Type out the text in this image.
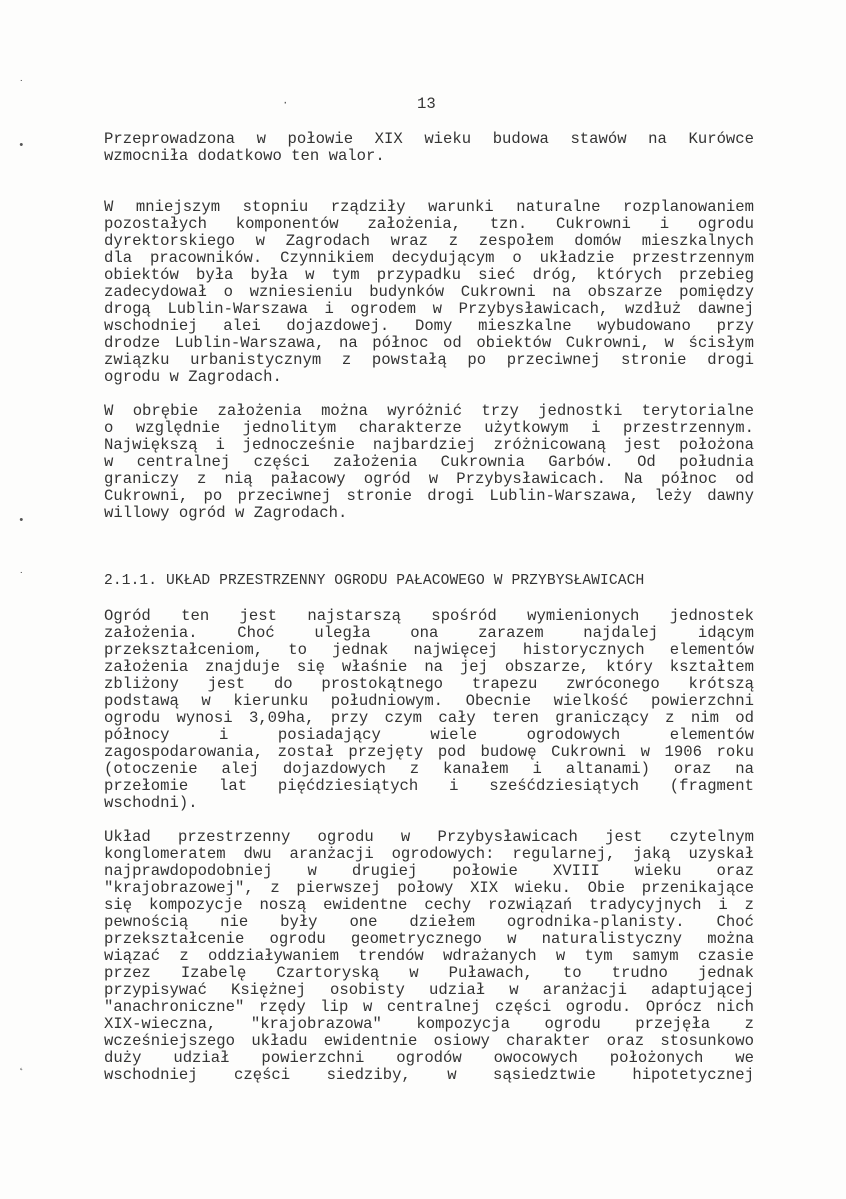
˙
•
•
˙
˛
·	13
Przeprowadzona w połowie XIX wieku budowa stawów na Kurówce
wzmocniła dodatkowo ten walor.
W mniejszym stopniu rządziły warunki naturalne rozplanowaniem
pozostałych komponentów założenia, tzn. Cukrowni i ogrodu
dyrektorskiego w Zagrodach wraz z zespołem domów mieszkalnych
dla pracowników. Czynnikiem decydującym o układzie przestrzennym
obiektów była była w tym przypadku sieć dróg, których przebieg
zadecydował o wzniesieniu budynków Cukrowni na obszarze pomiędzy
drogą Lublin-Warszawa i ogrodem w Przybysławicach, wzdłuż dawnej
wschodniej alei dojazdowej. Domy mieszkalne wybudowano przy
drodze Lublin-Warszawa, na północ od obiektów Cukrowni, w ścisłym
związku urbanistycznym z powstałą po przeciwnej stronie drogi
ogrodu w Zagrodach.
W obrębie założenia można wyróżnić trzy jednostki terytorialne
o względnie jednolitym charakterze użytkowym i przestrzennym.
Największą i jednocześnie najbardziej zróżnicowaną jest położona
w centralnej części założenia Cukrownia Garbów. Od południa
graniczy z nią pałacowy ogród w Przybysławicach. Na północ od
Cukrowni, po przeciwnej stronie drogi Lublin-Warszawa, leży dawny
willowy ogród w Zagrodach.
2.1.1. UKŁAD PRZESTRZENNY OGRODU PAŁACOWEGO W PRZYBYSŁAWICACH
Ogród ten jest najstarszą spośród wymienionych jednostek
założenia. Choć uległa ona zarazem najdalej idącym
przekształceniom, to jednak najwięcej historycznych elementów
założenia znajduje się właśnie na jej obszarze, który kształtem
zbliżony jest do prostokątnego trapezu zwróconego krótszą
podstawą w kierunku południowym. Obecnie wielkość powierzchni
ogrodu wynosi 3,09ha, przy czym cały teren graniczący z nim od
północy i posiadający wiele ogrodowych elementów
zagospodarowania, został przejęty pod budowę Cukrowni w 1906 roku
(otoczenie alej dojazdowych z kanałem i altanami) oraz na
przełomie lat pięćdziesiątych i sześćdziesiątych (fragment
wschodni).
Układ przestrzenny ogrodu w Przybysławicach jest czytelnym
konglomeratem dwu aranżacji ogrodowych: regularnej, jaką uzyskał
najprawdopodobniej w drugiej połowie XVIII wieku oraz
"krajobrazowej", z pierwszej połowy XIX wieku. Obie przenikające
się kompozycje noszą ewidentne cechy rozwiązań tradycyjnych i z
pewnością nie były one dziełem ogrodnika-planisty. Choć
przekształcenie ogrodu geometrycznego w naturalistyczny można
wiązać z oddziaływaniem trendów wdrażanych w tym samym czasie
przez Izabelę Czartoryską w Puławach, to trudno jednak
przypisywać Księżnej osobisty udział w aranżacji adaptującej
"anachroniczne" rzędy lip w centralnej części ogrodu. Oprócz nich
XIX-wieczna, "krajobrazowa" kompozycja ogrodu przejęła z
wcześniejszego układu ewidentnie osiowy charakter oraz stosunkowo
duży udział powierzchni ogrodów owocowych położonych we
wschodniej części siedziby, w sąsiedztwie hipotetycznej
